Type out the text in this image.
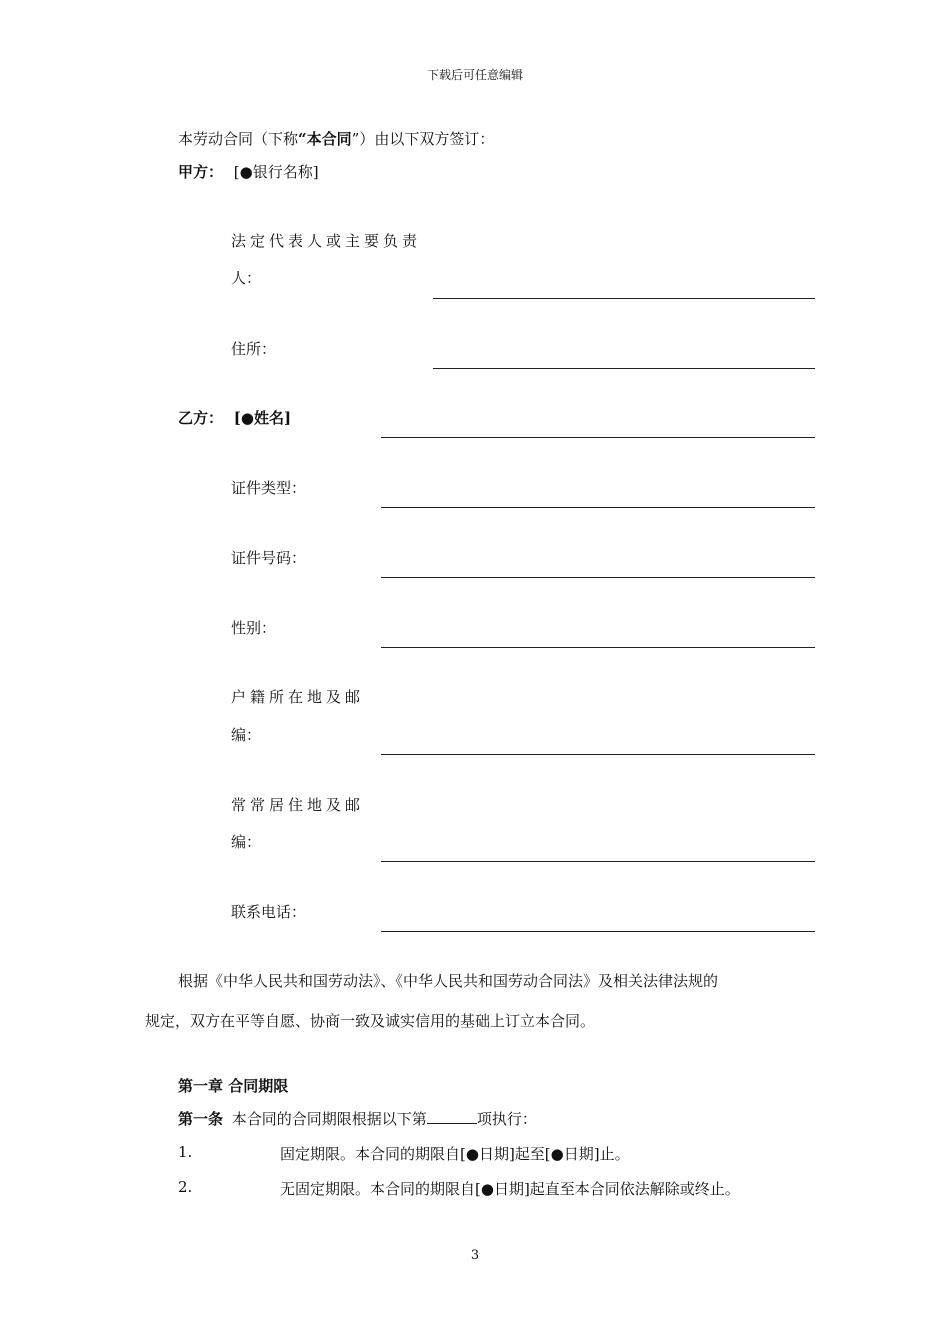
下载后可任意编辑
本劳动合同（下称“本合同”）由以下双方签订：
甲方： [●银行名称]
法定代表人或主要负责
人：
住所：
乙方： [●姓名]
证件类型：
证件号码：
性别：
户籍所在地及邮
编：
常常居住地及邮
编：
联系电话：
根据《中华人民共和国劳动法》、《中华人民共和国劳动合同法》及相关法律法规的
规定，双方在平等自愿、协商一致及诚实信用的基础上订立本合同。
第一章 合同期限
第一条 本合同的合同期限根据以下第	项执行：
1.	固定期限。本合同的期限自[●日期]起至[●日期]止。
2.	无固定期限。本合同的期限自[●日期]起直至本合同依法解除或终止。
3
